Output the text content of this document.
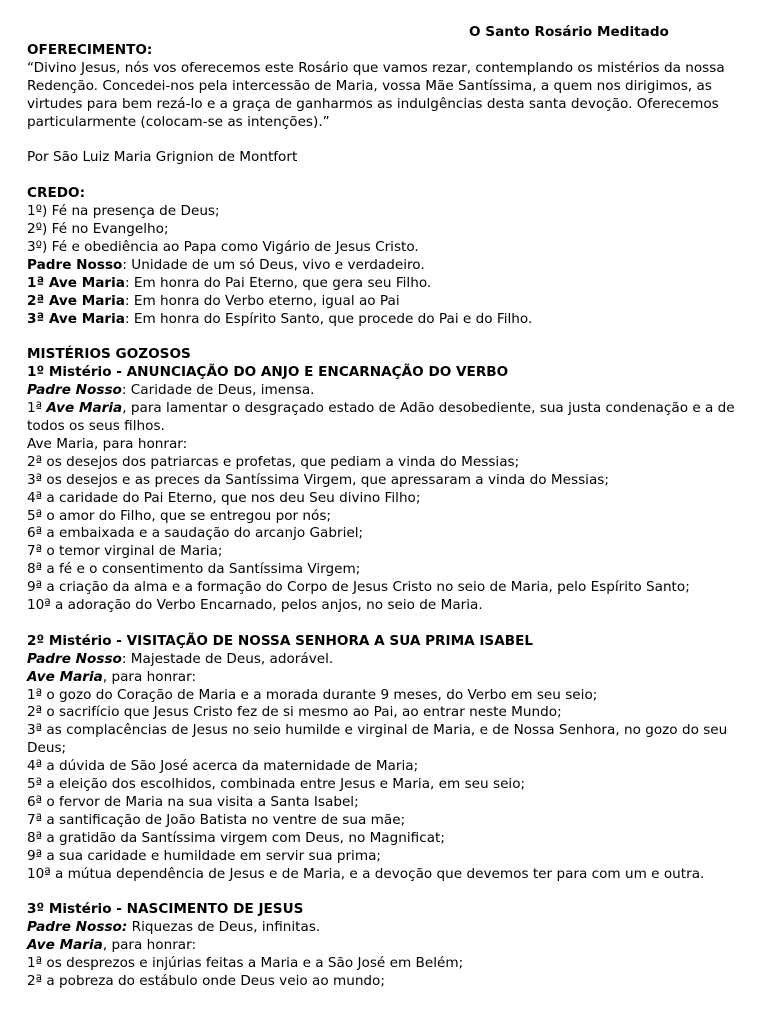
O Santo Rosário Meditado

OFERECIMENTO:

“Divino Jesus, nós vos oferecemos este Rosário que vamos rezar, contemplando os mistérios da nossa Redenção. Concedei-nos pela intercessão de Maria, vossa Mãe Santíssima, a quem nos dirigimos, as virtudes para bem rezá-lo e a graça de ganharmos as indulgências desta santa devoção. Oferecemos particularmente (colocam-se as intenções).”

Por São Luiz Maria Grignion de Montfort

CREDO:

1º) Fé na presença de Deus;

2º) Fé no Evangelho;

3º) Fé e obediência ao Papa como Vigário de Jesus Cristo.

Padre Nosso: Unidade de um só Deus, vivo e verdadeiro.

1ª Ave Maria: Em honra do Pai Eterno, que gera seu Filho.

2ª Ave Maria: Em honra do Verbo eterno, igual ao Pai

3ª Ave Maria: Em honra do Espírito Santo, que procede do Pai e do Filho.

MISTÉRIOS GOZOSOS

1º Mistério - ANUNCIAÇÃO DO ANJO E ENCARNAÇÃO DO VERBO

Padre Nosso: Caridade de Deus, imensa.

1ª Ave Maria, para lamentar o desgraçado estado de Adão desobediente, sua justa condenação e a de todos os seus filhos.

Ave Maria, para honrar:

2ª os desejos dos patriarcas e profetas, que pediam a vinda do Messias;

3ª os desejos e as preces da Santíssima Virgem, que apressaram a vinda do Messias;

4ª a caridade do Pai Eterno, que nos deu Seu divino Filho;

5ª o amor do Filho, que se entregou por nós;

6ª a embaixada e a saudação do arcanjo Gabriel;

7ª o temor virginal de Maria;

8ª a fé e o consentimento da Santíssima Virgem;

9ª a criação da alma e a formação do Corpo de Jesus Cristo no seio de Maria, pelo Espírito Santo;

10ª a adoração do Verbo Encarnado, pelos anjos, no seio de Maria.

2º Mistério - VISITAÇÃO DE NOSSA SENHORA A SUA PRIMA ISABEL

Padre Nosso: Majestade de Deus, adorável.

Ave Maria, para honrar:

1ª o gozo do Coração de Maria e a morada durante 9 meses, do Verbo em seu seio;

2ª o sacrifício que Jesus Cristo fez de si mesmo ao Pai, ao entrar neste Mundo;

3ª as complacências de Jesus no seio humilde e virginal de Maria, e de Nossa Senhora, no gozo do seu Deus;

4ª a dúvida de São José acerca da maternidade de Maria;

5ª a eleição dos escolhidos, combinada entre Jesus e Maria, em seu seio;

6ª o fervor de Maria na sua visita a Santa Isabel;

7ª a santificação de João Batista no ventre de sua mãe;

8ª a gratidão da Santíssima virgem com Deus, no Magnificat;

9ª a sua caridade e humildade em servir sua prima;

10ª a mútua dependência de Jesus e de Maria, e a devoção que devemos ter para com um e outra.

3º Mistério - NASCIMENTO DE JESUS

Padre Nosso: Riquezas de Deus, infinitas.

Ave Maria, para honrar:

1ª os desprezos e injúrias feitas a Maria e a São José em Belém;

2ª a pobreza do estábulo onde Deus veio ao mundo;
